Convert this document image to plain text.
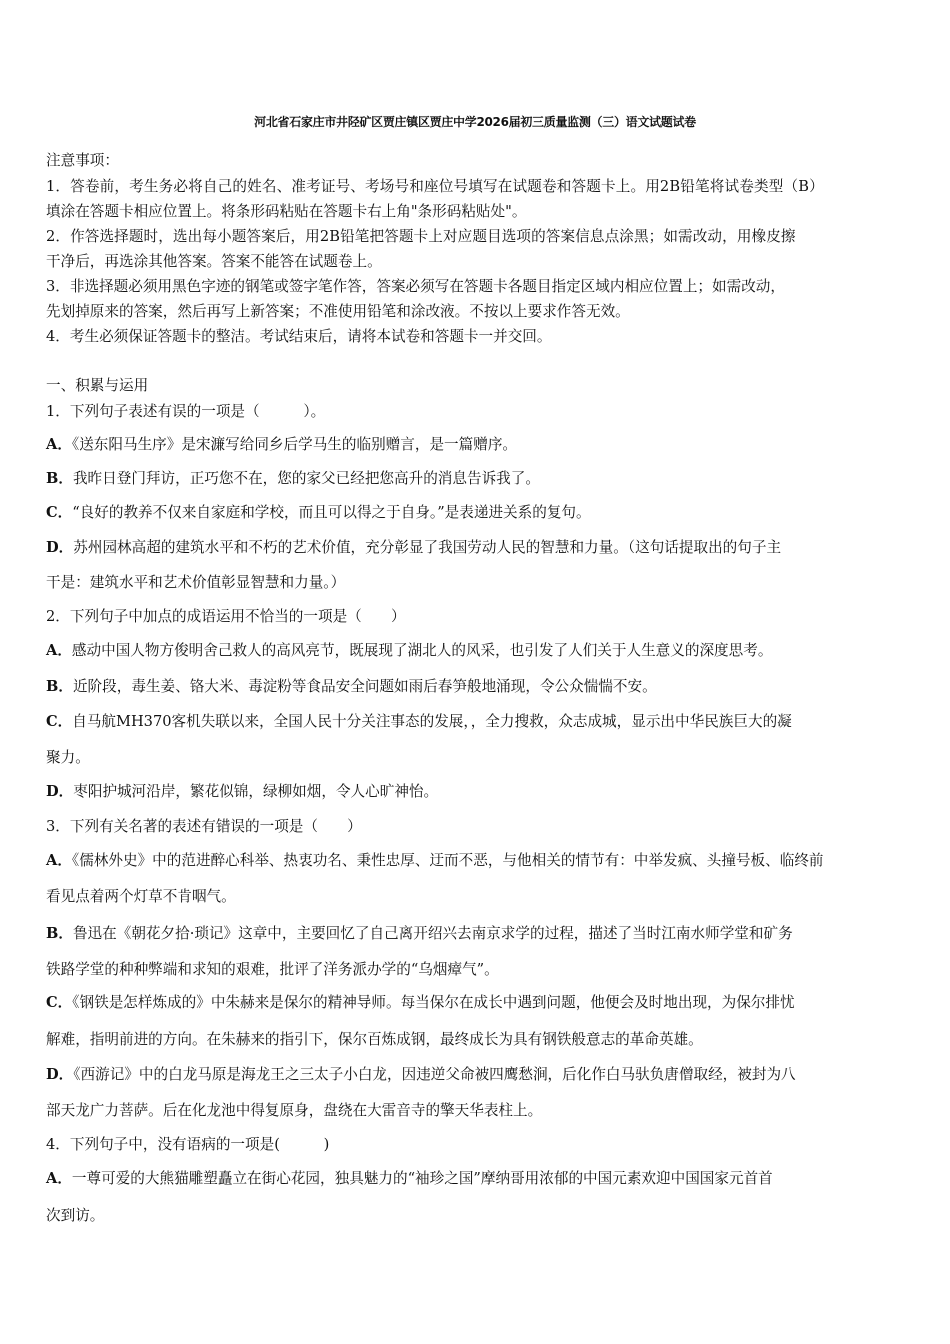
河北省石家庄市井陉矿区贾庄镇区贾庄中学2026届初三质量监测（三）语文试题试卷
注意事项：
1．答卷前，考生务必将自己的姓名、准考证号、考场号和座位号填写在试题卷和答题卡上。用2B铅笔将试卷类型（B）
填涂在答题卡相应位置上。将条形码粘贴在答题卡右上角"条形码粘贴处"。
2．作答选择题时，选出每小题答案后，用2B铅笔把答题卡上对应题目选项的答案信息点涂黑；如需改动，用橡皮擦
干净后，再选涂其他答案。答案不能答在试题卷上。
3．非选择题必须用黑色字迹的钢笔或签字笔作答，答案必须写在答题卡各题目指定区域内相应位置上；如需改动，
先划掉原来的答案，然后再写上新答案；不准使用铅笔和涂改液。不按以上要求作答无效。
4．考生必须保证答题卡的整洁。考试结束后，请将本试卷和答题卡一并交回。
一、积累与运用
1．下列句子表述有误的一项是（　　　）。
A．《送东阳马生序》是宋濂写给同乡后学马生的临别赠言，是一篇赠序。
B．我昨日登门拜访，正巧您不在，您的家父已经把您高升的消息告诉我了。
C．“良好的教养不仅来自家庭和学校，而且可以得之于自身。”是表递进关系的复句。
D．苏州园林高超的建筑水平和不朽的艺术价值，充分彰显了我国劳动人民的智慧和力量。（这句话提取出的句子主
干是：建筑水平和艺术价值彰显智慧和力量。）
2．下列句子中加点的成语运用不恰当的一项是（　　）
A．感动中国人物方俊明舍己救人的高风亮节，既展现了湖北人的风采，也引发了人们关于人生意义的深度思考。
B．近阶段，毒生姜、铬大米、毒淀粉等食品安全问题如雨后春笋般地涌现，令公众惴惴不安。
C．自马航MH370客机失联以来，全国人民十分关注事态的发展，，全力搜救，众志成城，显示出中华民族巨大的凝
聚力。
D．枣阳护城河沿岸，繁花似锦，绿柳如烟，令人心旷神怡。
3．下列有关名著的表述有错误的一项是（　　）
A．《儒林外史》中的范进醉心科举、热衷功名、秉性忠厚、迂而不恶，与他相关的情节有：中举发疯、头撞号板、临终前
看见点着两个灯草不肯咽气。
B．鲁迅在《朝花夕拾·琐记》这章中，主要回忆了自己离开绍兴去南京求学的过程，描述了当时江南水师学堂和矿务
铁路学堂的种种弊端和求知的艰难，批评了洋务派办学的“乌烟瘴气”。
C．《钢铁是怎样炼成的》中朱赫来是保尔的精神导师。每当保尔在成长中遇到问题，他便会及时地出现，为保尔排忧
解难，指明前进的方向。在朱赫来的指引下，保尔百炼成钢，最终成长为具有钢铁般意志的革命英雄。
D．《西游记》中的白龙马原是海龙王之三太子小白龙，因违逆父命被四鹰愁涧，后化作白马驮负唐僧取经，被封为八
部天龙广力菩萨。后在化龙池中得复原身，盘绕在大雷音寺的擎天华表柱上。
4．下列句子中，没有语病的一项是(　　　)
A．一尊可爱的大熊猫雕塑矗立在街心花园，独具魅力的“袖珍之国”摩纳哥用浓郁的中国元素欢迎中国国家元首首
次到访。
